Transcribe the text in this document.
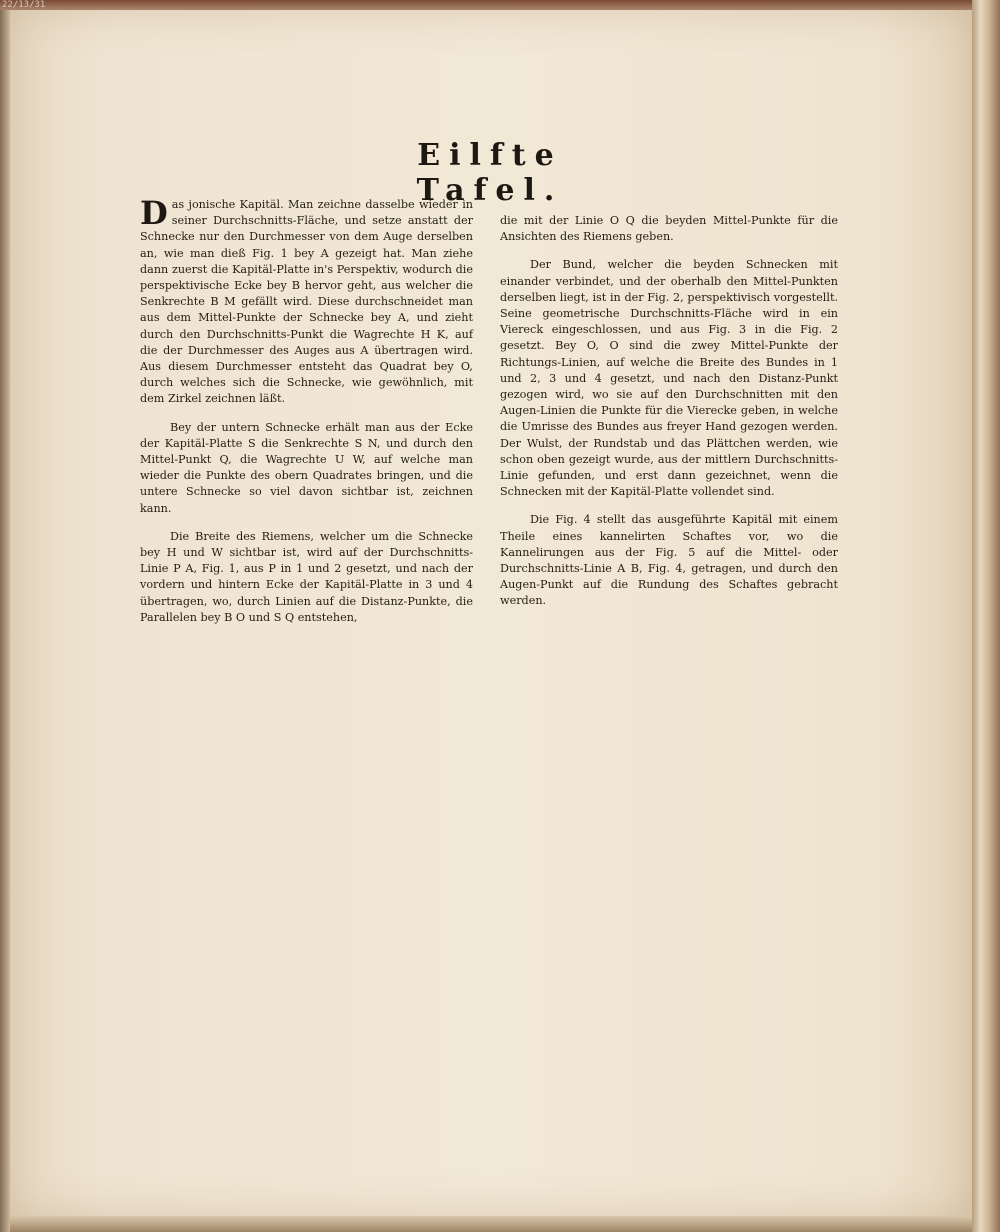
22/13/31
Eilfte Tafel.

Das jonische Kapitäl. Man zeichne dasselbe wieder in seiner Durchschnitts-Fläche, und setze anstatt der Schnecke nur den Durchmesser von dem Auge derselben an, wie man dieß Fig. 1 bey A gezeigt hat. Man ziehe dann zuerst die Kapitäl-Platte in's Perspektiv, wodurch die perspektivische Ecke bey B hervor geht, aus welcher die Senkrechte B M gefällt wird. Diese durchschneidet man aus dem Mittel-Punkte der Schnecke bey A, und zieht durch den Durchschnitts-Punkt die Wagrechte H K, auf die der Durchmesser des Auges aus A übertragen wird. Aus diesem Durchmesser entsteht das Quadrat bey O, durch welches sich die Schnecke, wie gewöhnlich, mit dem Zirkel zeichnen läßt.

Bey der untern Schnecke erhält man aus der Ecke der Kapitäl-Platte S die Senkrechte S N, und durch den Mittel-Punkt Q, die Wagrechte U W, auf welche man wieder die Punkte des obern Quadrates bringen, und die untere Schnecke so viel davon sichtbar ist, zeichnen kann.

Die Breite des Riemens, welcher um die Schnecke bey H und W sichtbar ist, wird auf der Durchschnitts-Linie P A, Fig. 1, aus P in 1 und 2 gesetzt, und nach der vordern und hintern Ecke der Kapitäl-Platte in 3 und 4 übertragen, wo, durch Linien auf die Distanz-Punkte, die Parallelen bey B O und S Q entstehen,

die mit der Linie O Q die beyden Mittel-Punkte für die Ansichten des Riemens geben.

Der Bund, welcher die beyden Schnecken mit einander verbindet, und der oberhalb den Mittel-Punkten derselben liegt, ist in der Fig. 2, perspektivisch vorgestellt. Seine geometrische Durchschnitts-Fläche wird in ein Viereck eingeschlossen, und aus Fig. 3 in die Fig. 2 gesetzt. Bey O, O sind die zwey Mittel-Punkte der Richtungs-Linien, auf welche die Breite des Bundes in 1 und 2, 3 und 4 gesetzt, und nach den Distanz-Punkt gezogen wird, wo sie auf den Durchschnitten mit den Augen-Linien die Punkte für die Vierecke geben, in welche die Umrisse des Bundes aus freyer Hand gezogen werden. Der Wulst, der Rundstab und das Plättchen werden, wie schon oben gezeigt wurde, aus der mittlern Durchschnitts-Linie gefunden, und erst dann gezeichnet, wenn die Schnecken mit der Kapitäl-Platte vollendet sind.

Die Fig. 4 stellt das ausgeführte Kapitäl mit einem Theile eines kannelirten Schaftes vor, wo die Kannelirungen aus der Fig. 5 auf die Mittel- oder Durchschnitts-Linie A B, Fig. 4, getragen, und durch den Augen-Punkt auf die Rundung des Schaftes gebracht werden.
